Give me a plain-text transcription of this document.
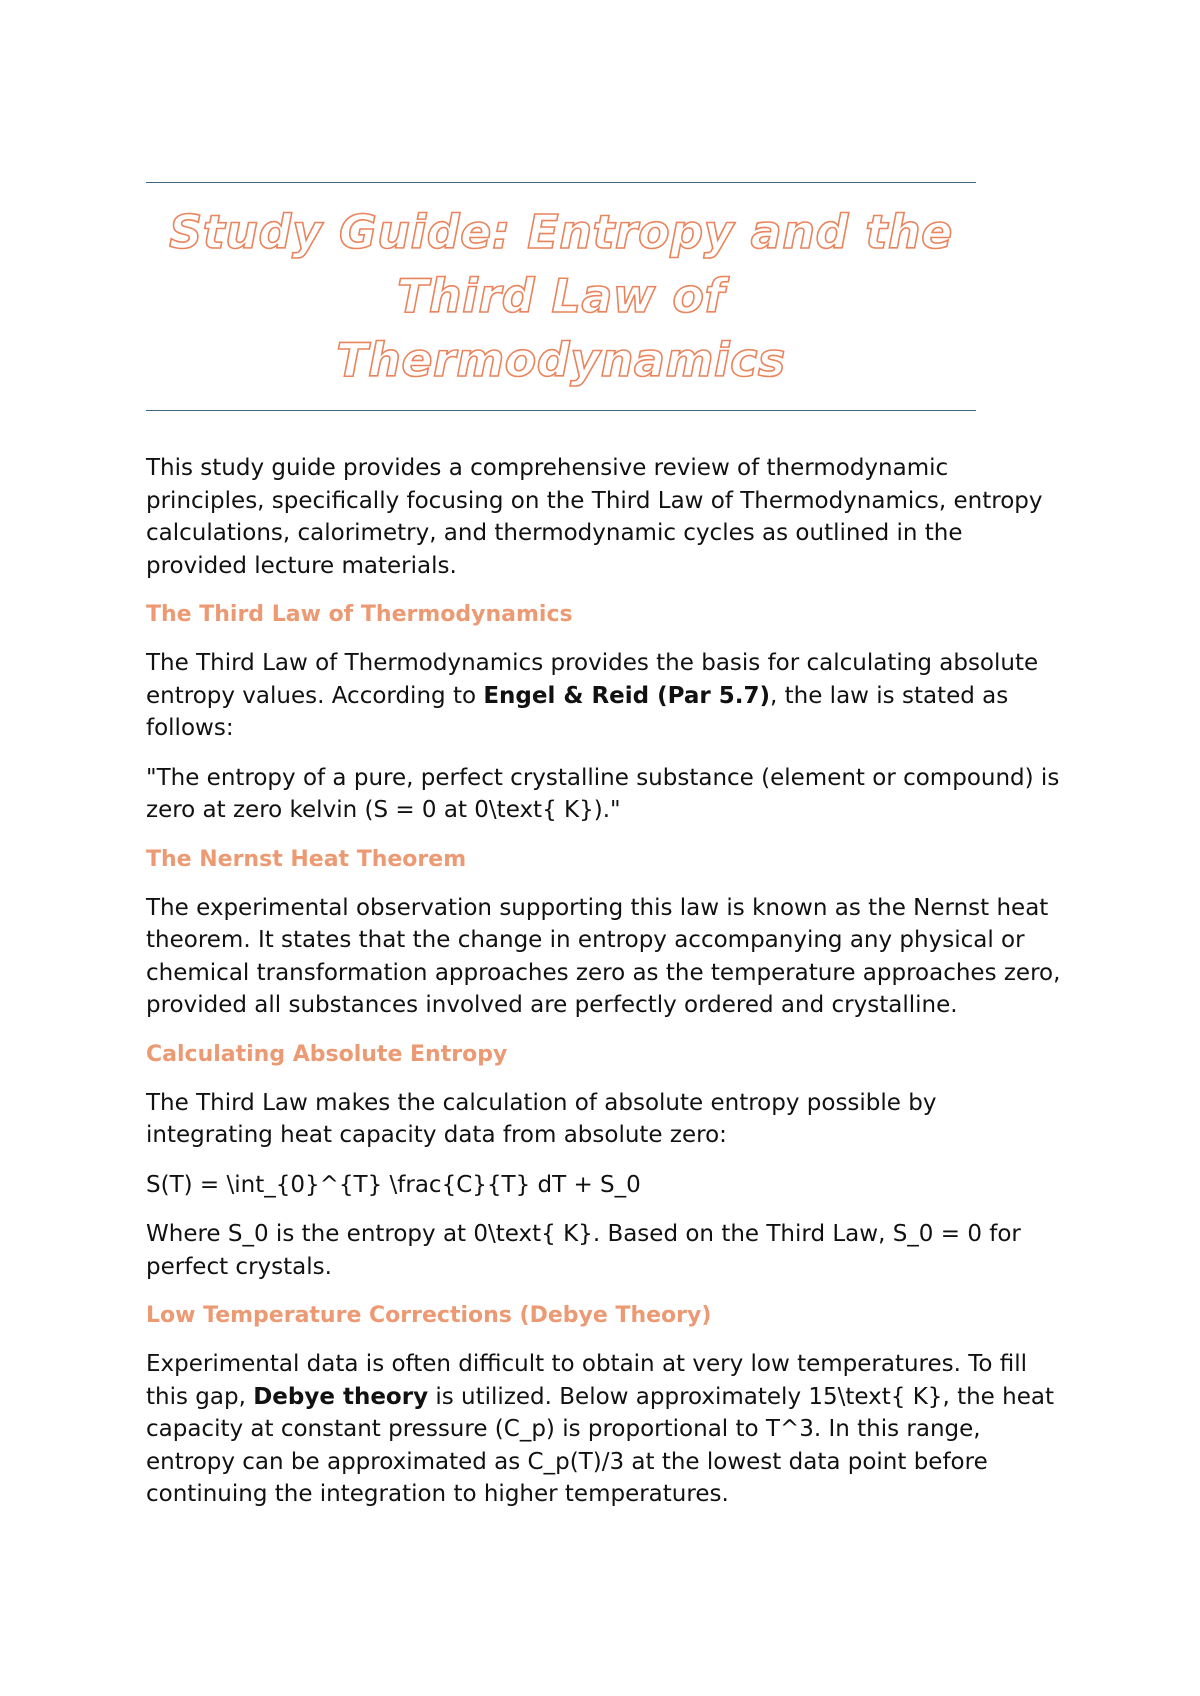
Study Guide: Entropy and the
Third Law of
Thermodynamics

This study guide provides a comprehensive review of thermodynamic principles, specifically focusing on the Third Law of Thermodynamics, entropy calculations, calorimetry, and thermodynamic cycles as outlined in the provided lecture materials.

The Third Law of Thermodynamics

The Third Law of Thermodynamics provides the basis for calculating absolute entropy values. According to Engel & Reid (Par 5.7), the law is stated as follows:

"The entropy of a pure, perfect crystalline substance (element or compound) is zero at zero kelvin (S = 0 at 0\text{ K})."

The Nernst Heat Theorem

The experimental observation supporting this law is known as the Nernst heat theorem. It states that the change in entropy accompanying any physical or chemical transformation approaches zero as the temperature approaches zero, provided all substances involved are perfectly ordered and crystalline.

Calculating Absolute Entropy

The Third Law makes the calculation of absolute entropy possible by integrating heat capacity data from absolute zero:

S(T) = \int_{0}^{T} \frac{C}{T} dT + S_0

Where S_0 is the entropy at 0\text{ K}. Based on the Third Law, S_0 = 0 for perfect crystals.

Low Temperature Corrections (Debye Theory)

Experimental data is often difficult to obtain at very low temperatures. To fill this gap, Debye theory is utilized. Below approximately 15\text{ K}, the heat capacity at constant pressure (C_p) is proportional to T^3. In this range, entropy can be approximated as C_p(T)/3 at the lowest data point before continuing the integration to higher temperatures.
